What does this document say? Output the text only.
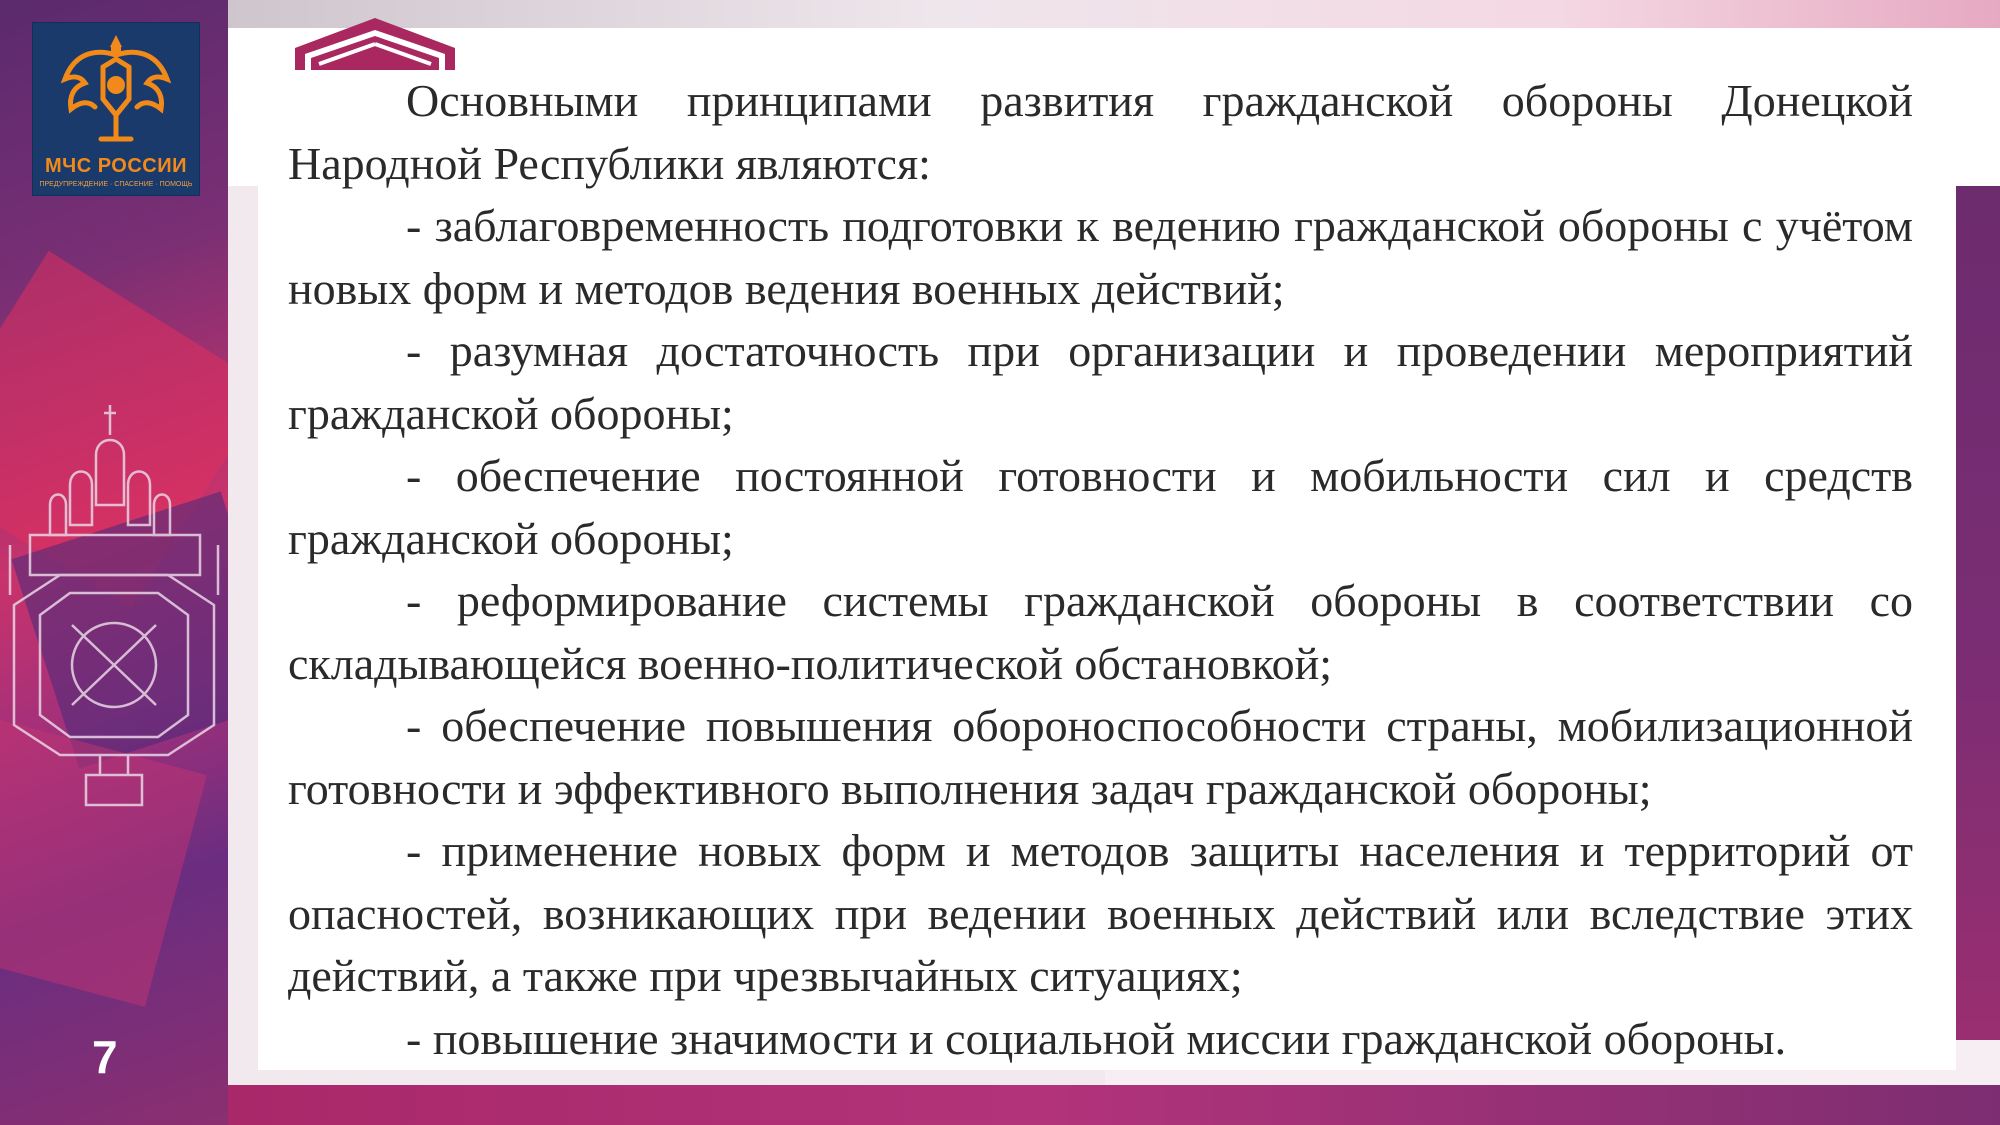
МЧС РОССИИ
ПРЕДУПРЕЖДЕНИЕ · СПАСЕНИЕ · ПОМОЩЬ
7

Основными принципами развития гражданской обороны Донецкой Народной Республики являются:

- заблаговременность подготовки к ведению гражданской обороны с учётом новых форм и методов ведения военных действий;

- разумная достаточность при организации и проведении мероприятий гражданской обороны;

- обеспечение постоянной готовности и мобильности сил и средств гражданской обороны;

- реформирование системы гражданской обороны в соответствии со складывающейся военно-политической обстановкой;

- обеспечение повышения обороноспособности страны, мобилизационной готовности и эффективного выполнения задач гражданской обороны;

- применение новых форм и методов защиты населения и территорий от опасностей, возникающих при ведении военных действий или вследствие этих действий, а также при чрезвычайных ситуациях;

- повышение значимости и социальной миссии гражданской обороны.
